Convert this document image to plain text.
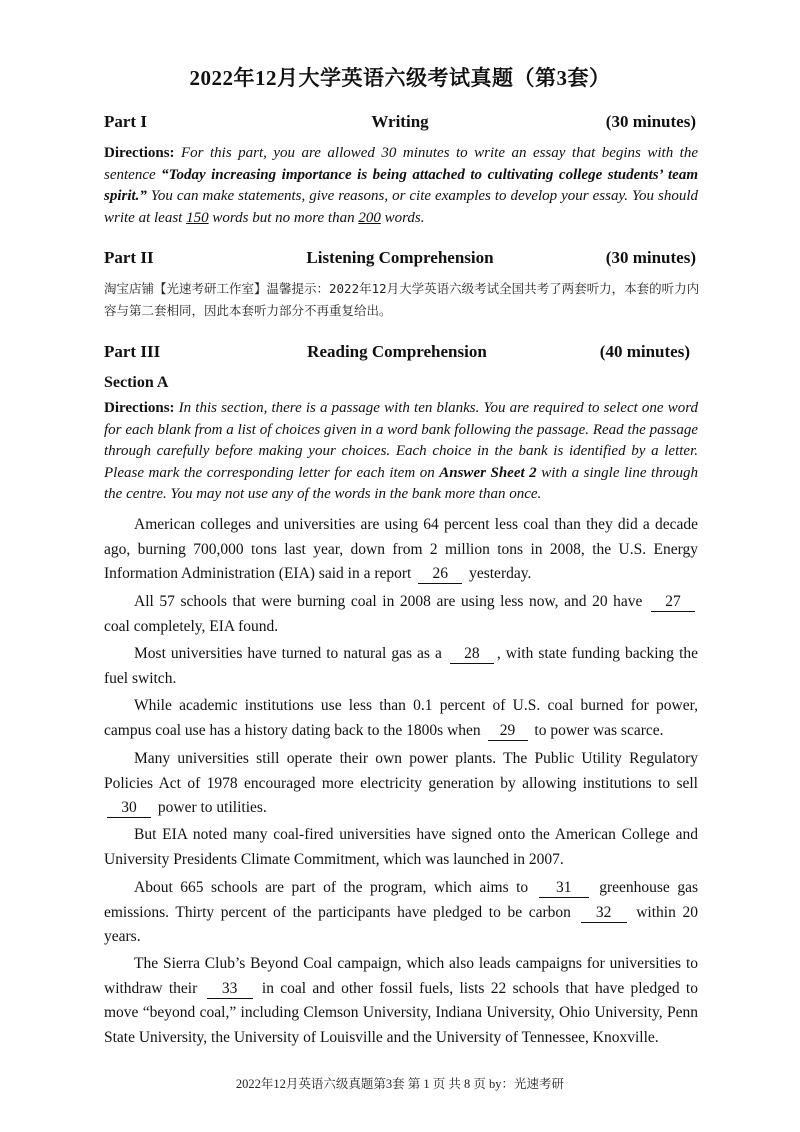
2022年12月大学英语六级考试真题（第3套）
Part I	Writing	(30 minutes)
Directions: For this part, you are allowed 30 minutes to write an essay that begins with the sentence “Today increasing importance is being attached to cultivating college students’ team spirit.” You can make statements, give reasons, or cite examples to develop your essay. You should write at least 150 words but no more than 200 words.
Part II	Listening Comprehension	(30 minutes)
淘宝店铺【光速考研工作室】温馨提示：2022年12月大学英语六级考试全国共考了两套听力，本套的听力内容与第二套相同，因此本套听力部分不再重复给出。
Part III	Reading Comprehension	(40 minutes)
Section A
Directions: In this section, there is a passage with ten blanks. You are required to select one word for each blank from a list of choices given in a word bank following the passage. Read the passage through carefully before making your choices. Each choice in the bank is identified by a letter. Please mark the corresponding letter for each item on Answer Sheet 2 with a single line through the centre. You may not use any of the words in the bank more than once.
American colleges and universities are using 64 percent less coal than they did a decade ago, burning 700,000 tons last year, down from 2 million tons in 2008, the U.S. Energy Information Administration (EIA) said in a report 26 yesterday.
All 57 schools that were burning coal in 2008 are using less now, and 20 have 27 coal completely, EIA found.
Most universities have turned to natural gas as a 28 , with state funding backing the fuel switch.
While academic institutions use less than 0.1 percent of U.S. coal burned for power, campus coal use has a history dating back to the 1800s when 29 to power was scarce.
Many universities still operate their own power plants. The Public Utility Regulatory Policies Act of 1978 encouraged more electricity generation by allowing institutions to sell 30 power to utilities.
But EIA noted many coal-fired universities have signed onto the American College and University Presidents Climate Commitment, which was launched in 2007.
About 665 schools are part of the program, which aims to 31 greenhouse gas emissions. Thirty percent of the participants have pledged to be carbon 32 within 20 years.
The Sierra Club’s Beyond Coal campaign, which also leads campaigns for universities to withdraw their 33 in coal and other fossil fuels, lists 22 schools that have pledged to move “beyond coal,” including Clemson University, Indiana University, Ohio University, Penn State University, the University of Louisville and the University of Tennessee, Knoxville.
2022年12月英语六级真题第3套 第 1 页 共 8 页 by：光速考研
